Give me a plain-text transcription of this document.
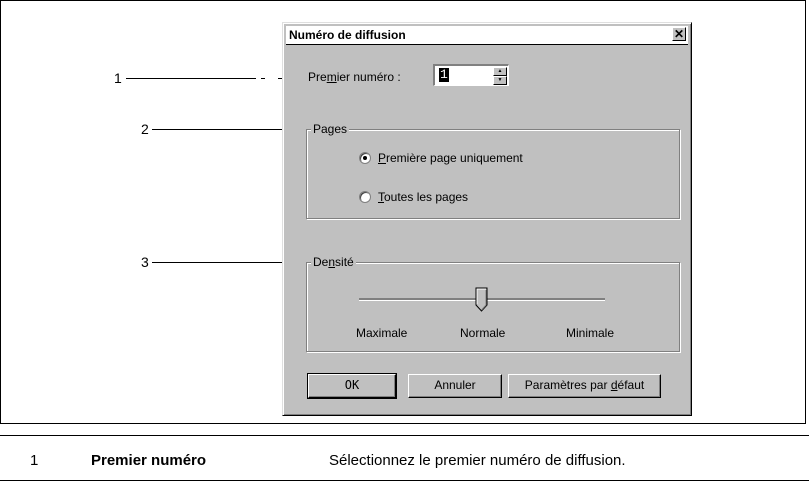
1
2
3
Numéro de diffusion	✕
Premier numéro :	1	▲
▼
Pages
Première page uniquement
Toutes les pages
Densité
Maximale	Normale	Minimale
OK	Annuler	Paramètres par défaut
1	Premier numéro	Sélectionnez le premier numéro de diffusion.
